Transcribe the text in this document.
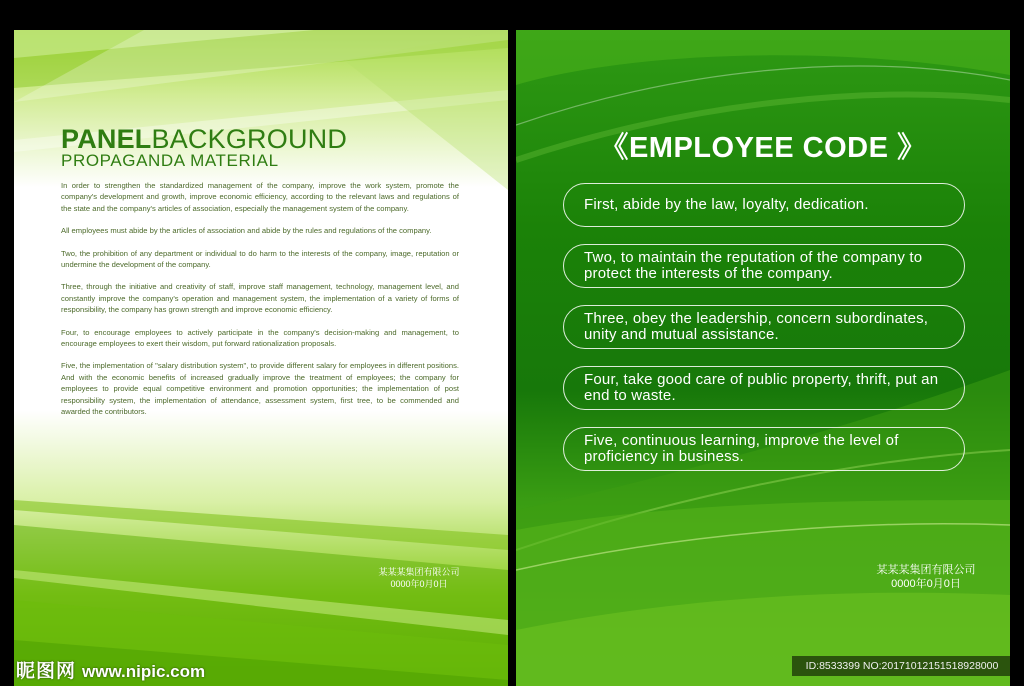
PANELBACKGROUND
PROPAGANDA MATERIAL

In order to strengthen the standardized management of the company, improve the work system, promote the company's development and growth, improve economic efficiency, according to the relevant laws and regulations of the state and the company's articles of association, especially the management system of the company.

All employees must abide by the articles of association and abide by the rules and regulations of the company.

Two, the prohibition of any department or individual to do harm to the interests of the company, image, reputation or undermine the development of the company.

Three, through the initiative and creativity of staff, improve staff management, technology, management level, and constantly improve the company's operation and management system, the implementation of a variety of forms of responsibility, the company has grown strength and improve economic efficiency.

Four, to encourage employees to actively participate in the company's decision-making and management, to encourage employees to exert their wisdom, put forward rationalization proposals.

Five, the implementation of "salary distribution system", to provide different salary for employees in different positions. And with the economic benefits of increased gradually improve the treatment of employees; the company for employees to provide equal competitive environment and promotion opportunities; the implementation of post responsibility system, the implementation of attendance, assessment system, first tree, to be commended and awarded the contributors.

某某某集团有限公司
0000年0月0日
《EMPLOYEE CODE 》
First, abide by the law, loyalty, dedication.
Two, to maintain the reputation of the company to protect the interests of the company.
Three, obey the leadership, concern subordinates, unity and mutual assistance.
Four, take good care of public property, thrift, put an end to waste.
Five, continuous learning, improve the level of proficiency in business.
某某某集团有限公司
0000年0月0日
昵图网 www.nipic.com	ID:8533399 NO:20171012151518928000
